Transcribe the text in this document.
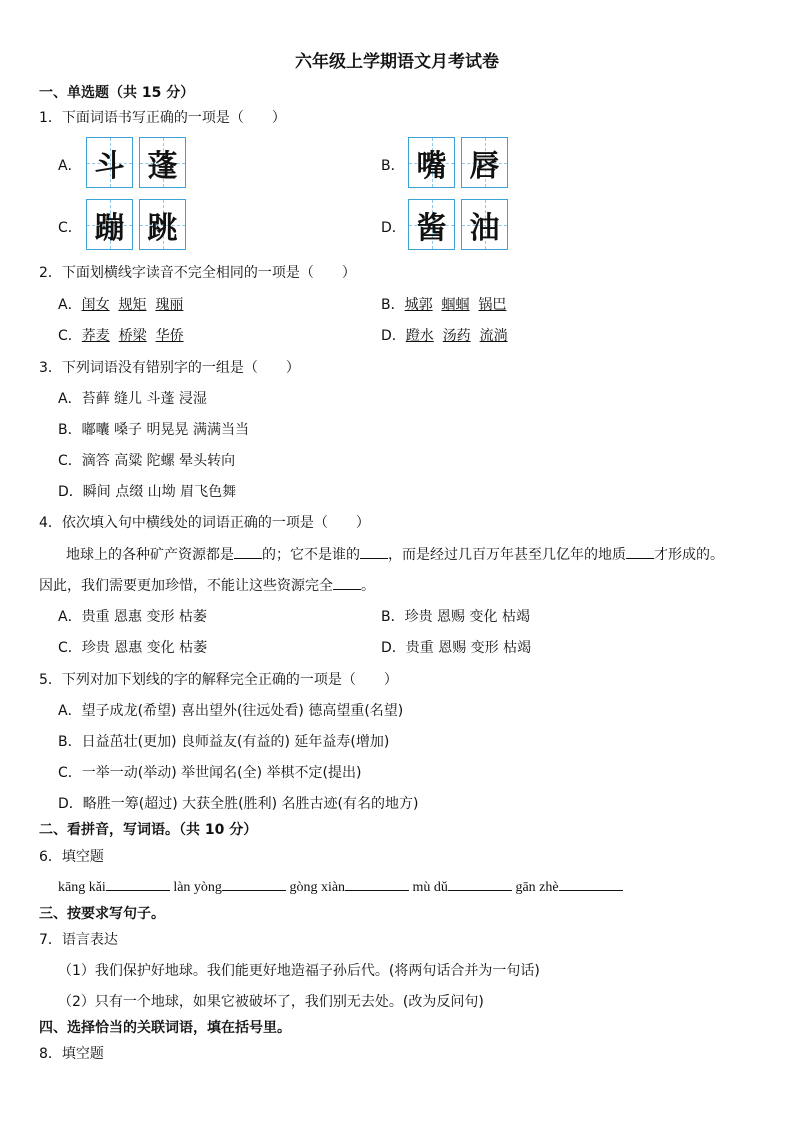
六年级上学期语文月考试卷
一、单选题（共 15 分）
1．下面词语书写正确的一项是（　　）
A． 斗 蓬	B． 嘴 唇
C． 蹦 跳	D． 酱 油
2．下面划横线字读音不完全相同的一项是（　　）
A．闺女 规矩 瑰丽	B．城郭 蝈蝈 锅巴
C．荞麦 桥梁 华侨	D．蹬水 汤药 流淌
3．下列词语没有错别字的一组是（　　）
A．苔藓 缝儿 斗蓬 浸湿
B．嘟囔 嗓子 明晃晃 满满当当
C．滴答 高粱 陀螺 晕头转向
D．瞬间 点缀 山坳 眉飞色舞
4．依次填入句中横线处的词语正确的一项是（　　）
地球上的各种矿产资源都是 的；它不是谁的 ，而是经过几百万年甚至几亿年的地质 才形成的。
因此，我们需要更加珍惜，不能让这些资源完全 。
A．贵重 恩惠 变形 枯萎	B．珍贵 恩赐 变化 枯竭
C．珍贵 恩惠 变化 枯萎	D．贵重 恩赐 变形 枯竭
5．下列对加下划线的字的解释完全正确的一项是（　　）
A．望子成龙(希望) 喜出望外(往远处看) 德高望重(名望)
B．日益茁壮(更加) 良师益友(有益的) 延年益寿(增加)
C．一举一动(举动) 举世闻名(全) 举棋不定(提出)
D．略胜一筹(超过) 大获全胜(胜利) 名胜古迹(有名的地方)
二、看拼音，写词语。（共 10 分）
6．填空题
kāng kǎi	làn yòng	gòng xiàn	mù dǔ	gān zhè
三、按要求写句子。
7．语言表达
（1）我们保护好地球。我们能更好地造福子孙后代。(将两句话合并为一句话)
（2）只有一个地球，如果它被破坏了，我们别无去处。(改为反问句)
四、选择恰当的关联词语，填在括号里。
8．填空题
